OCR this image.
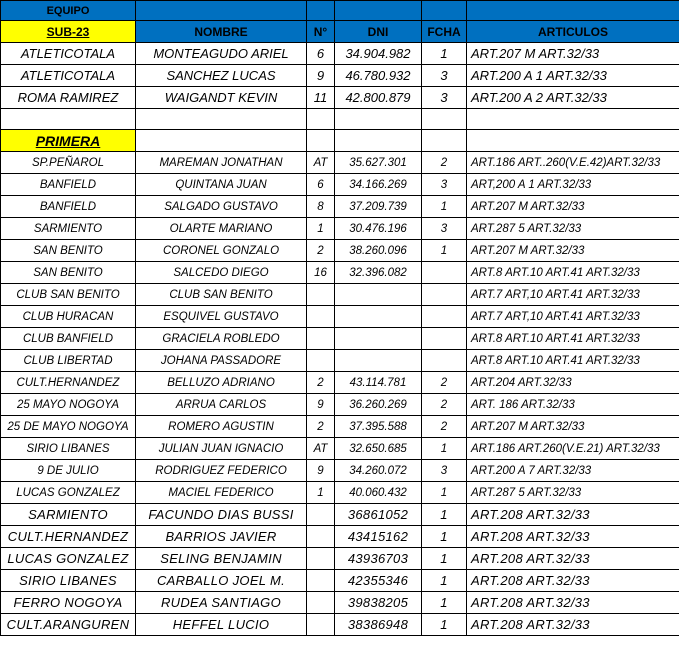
EQUIPO					
SUB-23	NOMBRE	N°	DNI	FCHA	ARTICULOS
ATLETICOTALA	MONTEAGUDO ARIEL	6	34.904.982	1	ART.207 M ART.32/33
ATLETICOTALA	SANCHEZ LUCAS	9	46.780.932	3	ART.200 A 1 ART.32/33
ROMA RAMIREZ	WAIGANDT KEVIN	11	42.800.879	3	ART.200 A 2 ART.32/33

PRIMERA					
SP.PEÑAROL	MAREMAN JONATHAN	AT	35.627.301	2	ART.186 ART..260(V.E.42)ART.32/33
BANFIELD	QUINTANA JUAN	6	34.166.269	3	ART,200 A 1 ART.32/33
BANFIELD	SALGADO GUSTAVO	8	37.209.739	1	ART.207 M ART.32/33
SARMIENTO	OLARTE MARIANO	1	30.476.196	3	ART.287 5 ART.32/33
SAN BENITO	CORONEL GONZALO	2	38.260.096	1	ART.207 M ART.32/33
SAN BENITO	SALCEDO DIEGO	16	32.396.082		ART.8 ART.10 ART.41 ART.32/33
CLUB SAN BENITO	CLUB SAN BENITO				ART.7 ART,10 ART.41 ART.32/33
CLUB HURACAN	ESQUIVEL GUSTAVO				ART.7 ART,10 ART.41 ART.32/33
CLUB BANFIELD	GRACIELA ROBLEDO				ART.8 ART.10 ART.41 ART.32/33
CLUB LIBERTAD	JOHANA PASSADORE				ART.8 ART.10 ART.41 ART.32/33
CULT.HERNANDEZ	BELLUZO ADRIANO	2	43.114.781	2	ART.204 ART.32/33
25 MAYO NOGOYA	ARRUA CARLOS	9	36.260.269	2	ART. 186 ART.32/33
25 DE MAYO NOGOYA	ROMERO AGUSTIN	2	37.395.588	2	ART.207 M ART.32/33
SIRIO LIBANES	JULIAN JUAN IGNACIO	AT	32.650.685	1	ART.186 ART.260(V.E.21) ART.32/33
9 DE JULIO	RODRIGUEZ FEDERICO	9	34.260.072	3	ART.200 A 7 ART.32/33
LUCAS GONZALEZ	MACIEL FEDERICO	1	40.060.432	1	ART.287 5 ART.32/33
SARMIENTO	FACUNDO DIAS BUSSI		36861052	1	ART.208 ART.32/33
CULT.HERNANDEZ	BARRIOS JAVIER		43415162	1	ART.208 ART.32/33
LUCAS GONZALEZ	SELING BENJAMIN		43936703	1	ART.208 ART.32/33
SIRIO LIBANES	CARBALLO JOEL M.		42355346	1	ART.208 ART.32/33
FERRO NOGOYA	RUDEA SANTIAGO		39838205	1	ART.208 ART.32/33
CULT.ARANGUREN	HEFFEL LUCIO		38386948	1	ART.208 ART.32/33
